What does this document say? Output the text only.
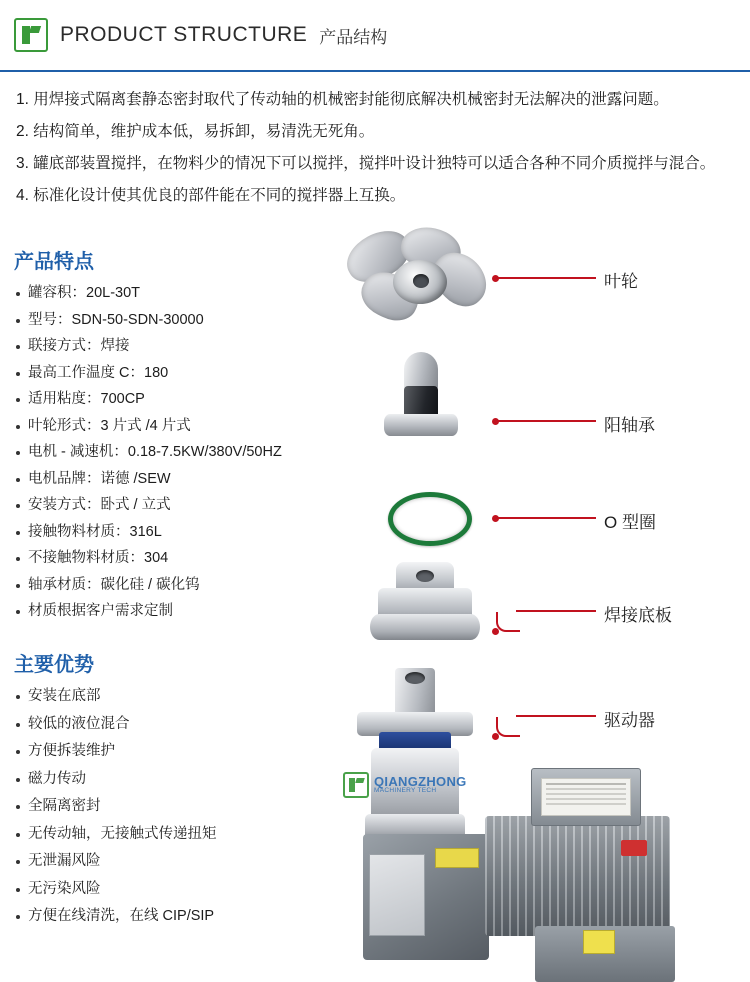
PRODUCT STRUCTURE 产品结构

1. 用焊接式隔离套静态密封取代了传动轴的机械密封能彻底解决机械密封无法解决的泄露问题。

2. 结构简单，维护成本低，易拆卸，易清洗无死角。

3. 罐底部装置搅拌，在物料少的情况下可以搅拌，搅拌叶设计独特可以适合各种不同介质搅拌与混合。

4. 标准化设计使其优良的部件能在不同的搅拌器上互换。

产品特点
罐容积：20L-30T
型号：SDN-50-SDN-30000
联接方式：焊接
最高工作温度 C：180
适用粘度：700CP
叶轮形式：3 片式 /4 片式
电机 - 减速机：0.18-7.5KW/380V/50HZ
电机品牌：诺德 /SEW
安装方式：卧式 / 立式
接触物料材质：316L
不接触物料材质：304
轴承材质：碳化硅 / 碳化钨
材质根据客户需求定制
主要优势
安装在底部
较低的液位混合
方便拆装维护
磁力传动
全隔离密封
无传动轴，无接触式传递扭矩
无泄漏风险
无污染风险
方便在线清洗，在线 CIP/SIP
叶轮
阳轴承
O 型圈
焊接底板
QIANGZHONG
MACHINERY TECH
驱动器
